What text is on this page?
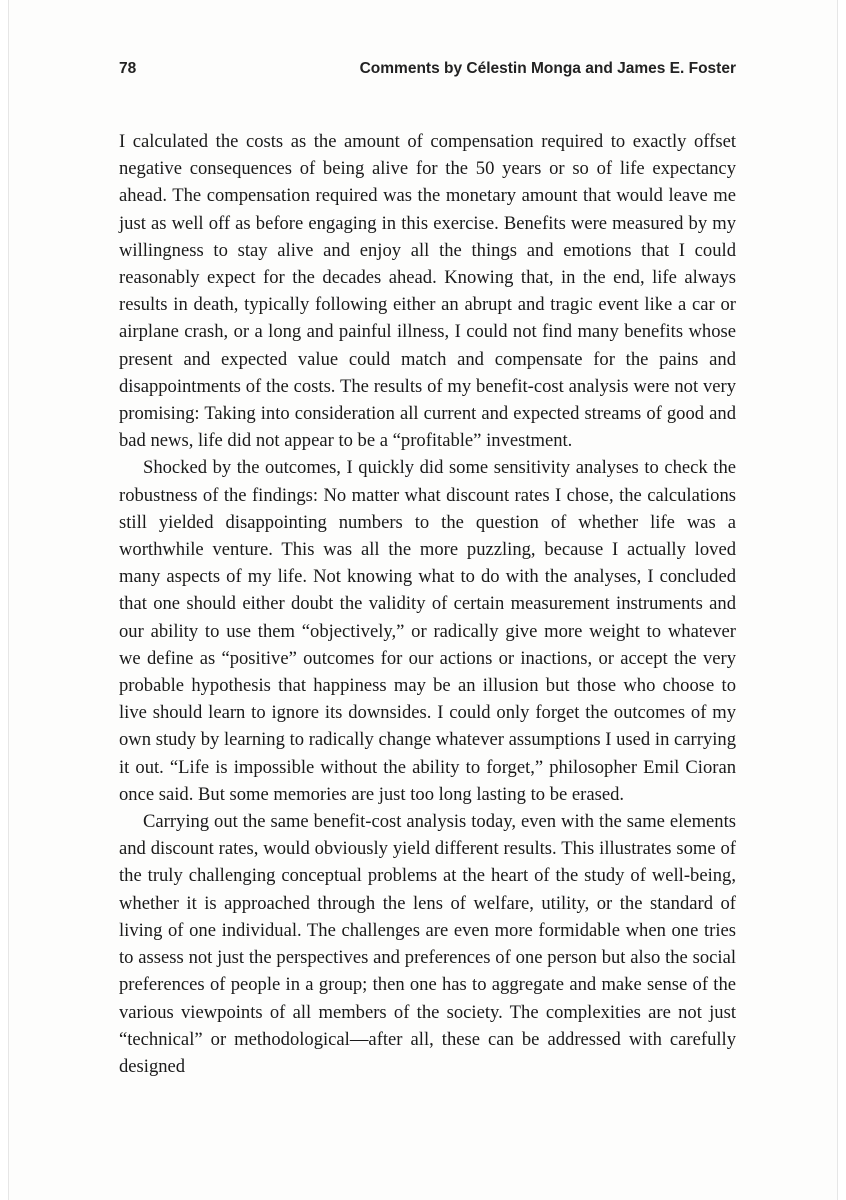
78	Comments by Célestin Monga and James E. Foster

I calculated the costs as the amount of compensation required to exactly offset negative consequences of being alive for the 50 years or so of life expectancy ahead. The compensation required was the monetary amount that would leave me just as well off as before engaging in this exercise. Benefits were measured by my willingness to stay alive and enjoy all the things and emotions that I could reasonably expect for the decades ahead. Knowing that, in the end, life always results in death, typically following either an abrupt and tragic event like a car or airplane crash, or a long and painful illness, I could not find many benefits whose present and expected value could match and compensate for the pains and disappointments of the costs. The results of my benefit-cost analysis were not very promising: Taking into consideration all current and expected streams of good and bad news, life did not appear to be a “profitable” investment.

Shocked by the outcomes, I quickly did some sensitivity analyses to check the robustness of the findings: No matter what discount rates I chose, the calculations still yielded disappointing numbers to the question of whether life was a worthwhile venture. This was all the more puzzling, because I actually loved many aspects of my life. Not knowing what to do with the analyses, I concluded that one should either doubt the validity of certain measurement instruments and our ability to use them “objectively,” or radically give more weight to whatever we define as “positive” outcomes for our actions or inactions, or accept the very probable hypothesis that happiness may be an illusion but those who choose to live should learn to ignore its downsides. I could only forget the outcomes of my own study by learning to radically change whatever assumptions I used in carrying it out. “Life is impossible without the ability to forget,” philosopher Emil Cioran once said. But some memories are just too long lasting to be erased.

Carrying out the same benefit-cost analysis today, even with the same elements and discount rates, would obviously yield different results. This illustrates some of the truly challenging conceptual problems at the heart of the study of well-being, whether it is approached through the lens of welfare, utility, or the standard of living of one individual. The challenges are even more formidable when one tries to assess not just the perspectives and preferences of one person but also the social preferences of people in a group; then one has to aggregate and make sense of the various viewpoints of all members of the society. The complexities are not just “technical” or methodological—after all, these can be addressed with carefully designed
